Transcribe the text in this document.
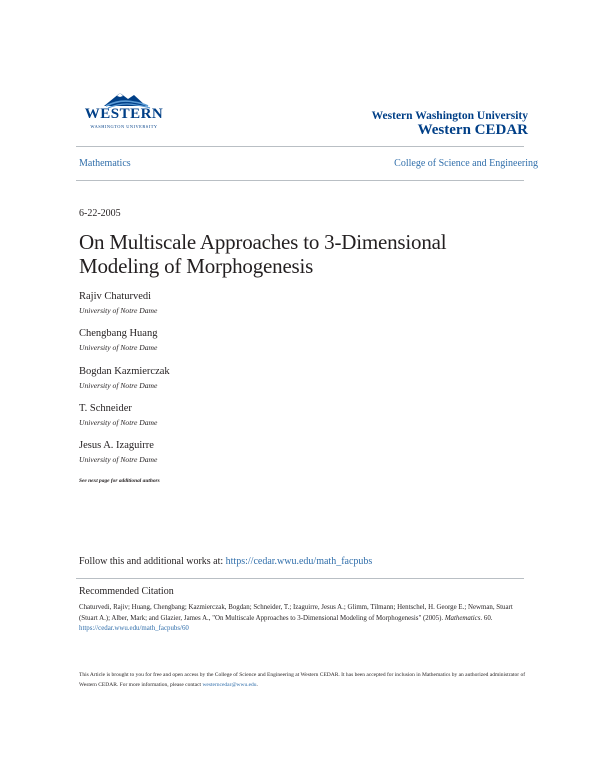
WESTERN
WASHINGTON UNIVERSITY
Western Washington University
Western CEDAR
Mathematics	College of Science and Engineering
6-22-2005
On Multiscale Approaches to 3-Dimensional Modeling of Morphogenesis
Rajiv Chaturvedi
University of Notre Dame
Chengbang Huang
University of Notre Dame
Bogdan Kazmierczak
University of Notre Dame
T. Schneider
University of Notre Dame
Jesus A. Izaguirre
University of Notre Dame
See next page for additional authors
Follow this and additional works at: https://cedar.wwu.edu/math_facpubs
Recommended Citation
Chaturvedi, Rajiv; Huang, Chengbang; Kazmierczak, Bogdan; Schneider, T.; Izaguirre, Jesus A.; Glimm, Tilmann; Hentschel, H. George E.; Newman, Stuart (Stuart A.); Alber, Mark; and Glazier, James A., "On Multiscale Approaches to 3-Dimensional Modeling of Morphogenesis" (2005). Mathematics. 60.
https://cedar.wwu.edu/math_facpubs/60
This Article is brought to you for free and open access by the College of Science and Engineering at Western CEDAR. It has been accepted for inclusion in Mathematics by an authorized administrator of Western CEDAR. For more information, please contact westerncedar@wwu.edu.
